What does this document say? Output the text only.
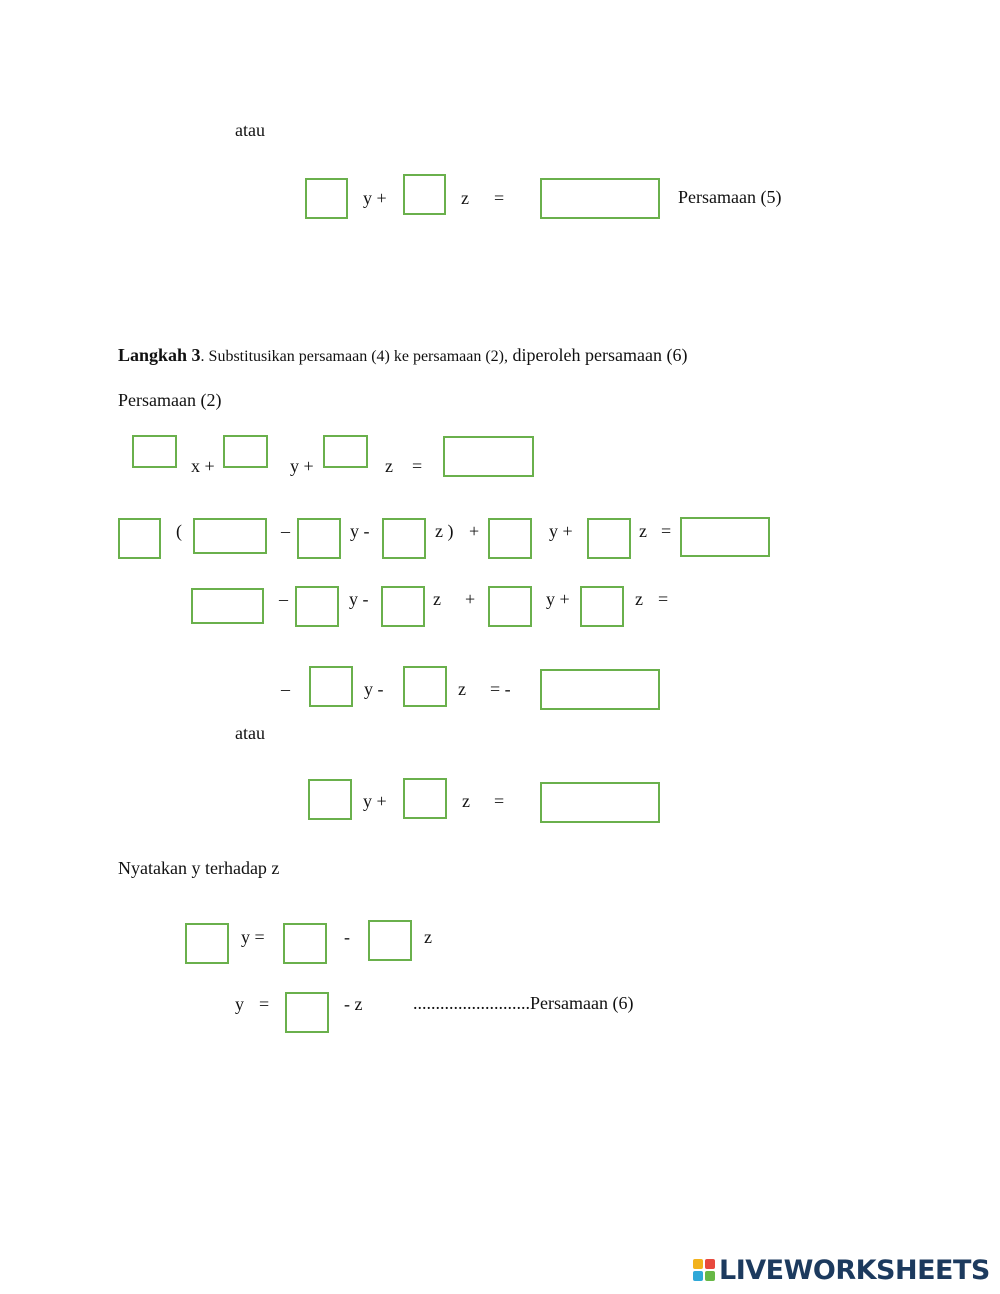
atau
y +	z =	Persamaan (5)
Langkah 3. Substitusikan persamaan (4) ke persamaan (2), diperoleh persamaan (6)
Persamaan (2)
x +	y +	z =
(	–	y -	z ) +	y +	z =
–	y -	z +	y +	z =
–	y -	z = -
atau
y +	z =
Nyatakan y terhadap z
y =	-	z
y =	- z	..........................Persamaan (6)
LIVEWORKSHEETS
